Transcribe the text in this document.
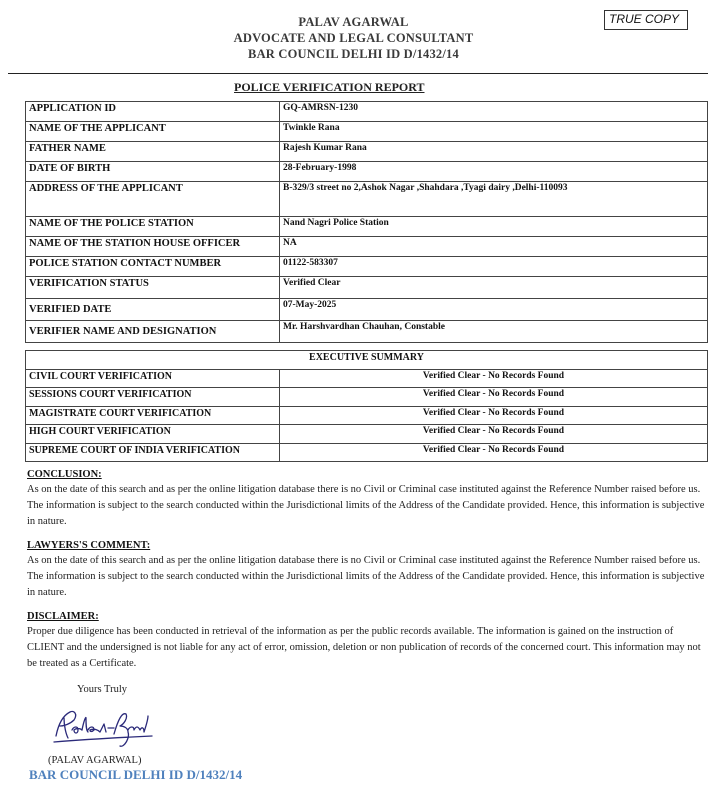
PALAV AGARWAL
ADVOCATE AND LEGAL CONSULTANT
BAR COUNCIL DELHI ID D/1432/14
TRUE COPY
POLICE VERIFICATION REPORT
APPLICATION ID	GQ-AMRSN-1230
NAME OF THE APPLICANT	Twinkle Rana
FATHER NAME	Rajesh Kumar Rana
DATE OF BIRTH	28-February-1998
ADDRESS OF THE APPLICANT	B-329/3 street no 2,Ashok Nagar ,Shahdara ,Tyagi dairy ,Delhi-110093
NAME OF THE POLICE STATION	Nand Nagri Police Station
NAME OF THE STATION HOUSE OFFICER	NA
POLICE STATION CONTACT NUMBER	01122-583307
VERIFICATION STATUS	Verified Clear
VERIFIED DATE	07-May-2025
VERIFIER NAME AND DESIGNATION	Mr. Harshvardhan Chauhan, Constable
EXECUTIVE SUMMARY	
CIVIL COURT VERIFICATION	Verified Clear - No Records Found
SESSIONS COURT VERIFICATION	Verified Clear - No Records Found
MAGISTRATE COURT VERIFICATION	Verified Clear - No Records Found
HIGH COURT VERIFICATION	Verified Clear - No Records Found
SUPREME COURT OF INDIA VERIFICATION	Verified Clear - No Records Found
CONCLUSION:
As on the date of this search and as per the online litigation database there is no Civil or Criminal case instituted against the Reference Number raised before us. The information is subject to the search conducted within the Jurisdictional limits of the Address of the Candidate provided. Hence, this information is subjective in nature.
LAWYERS'S COMMENT:
As on the date of this search and as per the online litigation database there is no Civil or Criminal case instituted against the Reference Number raised before us. The information is subject to the search conducted within the Jurisdictional limits of the Address of the Candidate provided. Hence, this information is subjective in nature.
DISCLAIMER:
Proper due diligence has been conducted in retrieval of the information as per the public records available. The information is gained on the instruction of CLIENT and the undersigned is not liable for any act of error, omission, deletion or non publication of records of the concerned court. This information may not be treated as a Certificate.
Yours Truly
(PALAV AGARWAL)
BAR COUNCIL DELHI ID D/1432/14
